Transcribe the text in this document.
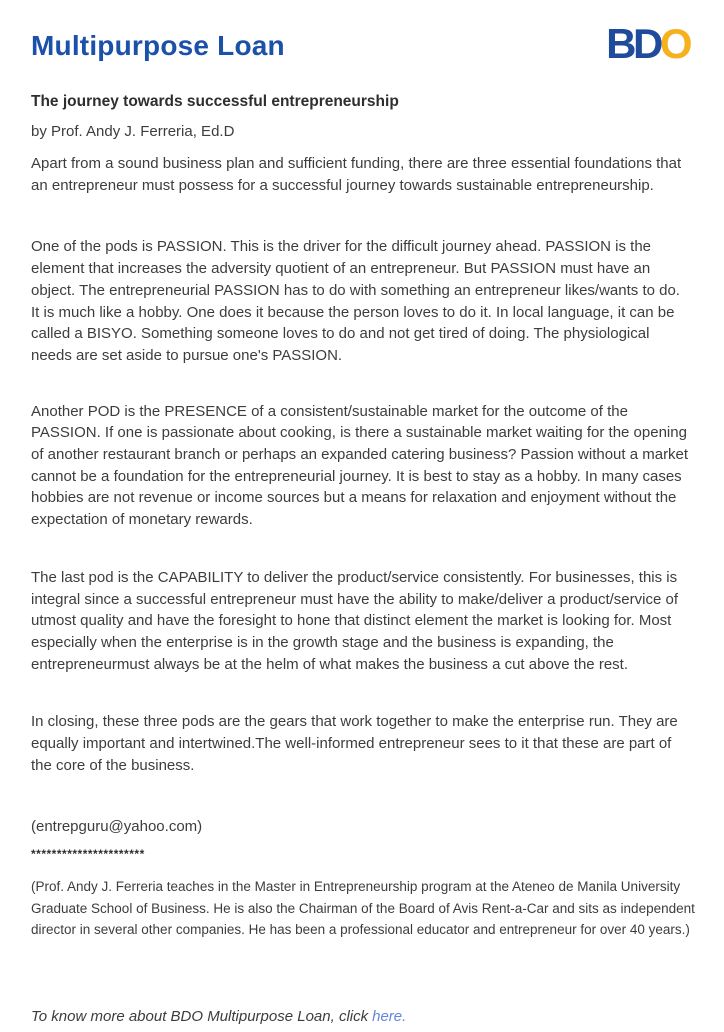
Multipurpose Loan	BDO
The journey towards successful entrepreneurship

by Prof. Andy J. Ferreria, Ed.D

Apart from a sound business plan and sufficient funding, there are three essential foundations that an entrepreneur must possess for a successful journey towards sustainable entrepreneurship.

One of the pods is PASSION. This is the driver for the difficult journey ahead. PASSION is the element that increases the adversity quotient of an entrepreneur. But PASSION must have an object. The entrepreneurial PASSION has to do with something an entrepreneur likes/wants to do. It is much like a hobby. One does it because the person loves to do it. In local language, it can be called a BISYO. Something someone loves to do and not get tired of doing. The physiological needs are set aside to pursue one's PASSION.

Another POD is the PRESENCE of a consistent/sustainable market for the outcome of the PASSION. If one is passionate about cooking, is there a sustainable market waiting for the opening of another restaurant branch or perhaps an expanded catering business? Passion without a market cannot be a foundation for the entrepreneurial journey. It is best to stay as a hobby. In many cases hobbies are not revenue or income sources but a means for relaxation and enjoyment without the expectation of monetary rewards.

The last pod is the CAPABILITY to deliver the product/service consistently. For businesses, this is integral since a successful entrepreneur must have the ability to make/deliver a product/service of utmost quality and have the foresight to hone that distinct element the market is looking for. Most especially when the enterprise is in the growth stage and the business is expanding, the entrepreneurmust always be at the helm of what makes the business a cut above the rest.

In closing, these three pods are the gears that work together to make the enterprise run. They are equally important and intertwined.The well-informed entrepreneur sees to it that these are part of the core of the business.

(entrepguru@yahoo.com)

**********************

(Prof. Andy J. Ferreria teaches in the Master in Entrepreneurship program at the Ateneo de Manila University Graduate School of Business. He is also the Chairman of the Board of Avis Rent-a-Car and sits as independent director in several other companies. He has been a professional educator and entrepreneur for over 40 years.)

To know more about BDO Multipurpose Loan, click here.
